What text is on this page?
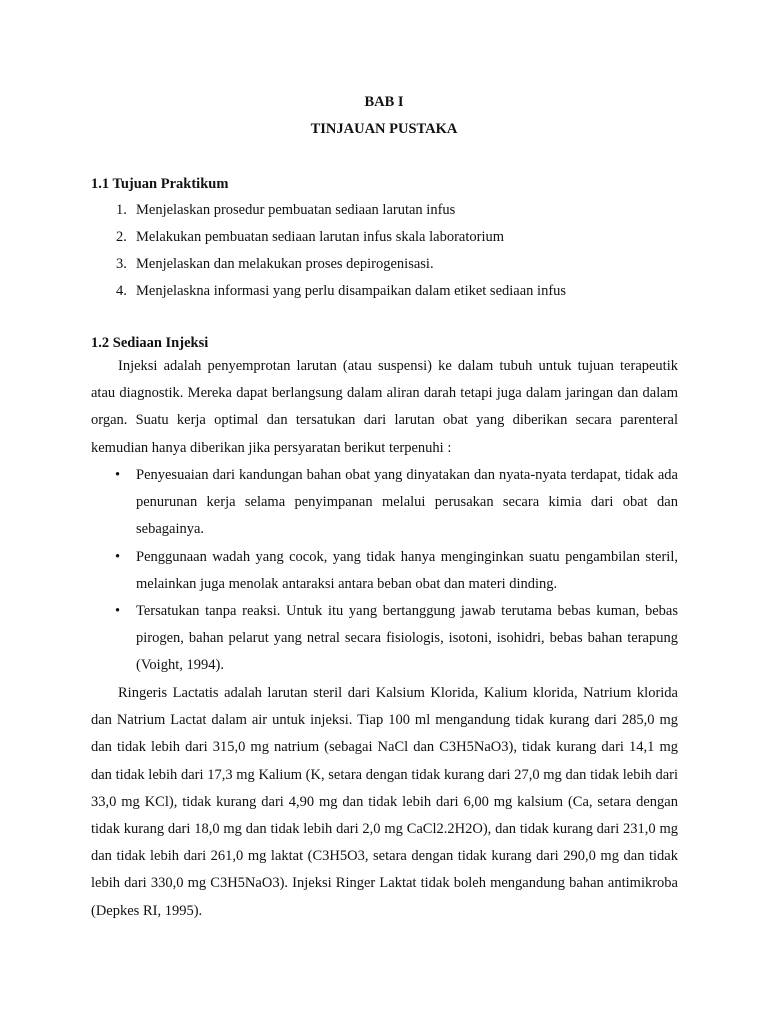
BAB I
TINJAUAN PUSTAKA
1.1 Tujuan Praktikum
1. Menjelaskan prosedur pembuatan sediaan larutan infus
2. Melakukan pembuatan sediaan larutan infus skala laboratorium
3. Menjelaskan dan melakukan proses depirogenisasi.
4. Menjelaskna informasi yang perlu disampaikan dalam etiket sediaan infus
1.2 Sediaan Injeksi

Injeksi adalah penyemprotan larutan (atau suspensi) ke dalam tubuh untuk tujuan terapeutik atau diagnostik. Mereka dapat berlangsung dalam aliran darah tetapi juga dalam jaringan dan dalam organ. Suatu kerja optimal dan tersatukan dari larutan obat yang diberikan secara parenteral kemudian hanya diberikan jika persyaratan berikut terpenuhi :

• Penyesuaian dari kandungan bahan obat yang dinyatakan dan nyata-nyata terdapat, tidak ada penurunan kerja selama penyimpanan melalui perusakan secara kimia dari obat dan sebagainya.

• Penggunaan wadah yang cocok, yang tidak hanya menginginkan suatu pengambilan steril, melainkan juga menolak antaraksi antara beban obat dan materi dinding.

• Tersatukan tanpa reaksi. Untuk itu yang bertanggung jawab terutama bebas kuman, bebas pirogen, bahan pelarut yang netral secara fisiologis, isotoni, isohidri, bebas bahan terapung (Voight, 1994).

Ringeris Lactatis adalah larutan steril dari Kalsium Klorida, Kalium klorida, Natrium klorida dan Natrium Lactat dalam air untuk injeksi. Tiap 100 ml mengandung tidak kurang dari 285,0 mg dan tidak lebih dari 315,0 mg natrium (sebagai NaCl dan C3H5NaO3), tidak kurang dari 14,1 mg dan tidak lebih dari 17,3 mg Kalium (K, setara dengan tidak kurang dari 27,0 mg dan tidak lebih dari 33,0 mg KCl), tidak kurang dari 4,90 mg dan tidak lebih dari 6,00 mg kalsium (Ca, setara dengan tidak kurang dari 18,0 mg dan tidak lebih dari 2,0 mg CaCl2.2H2O), dan tidak kurang dari 231,0 mg dan tidak lebih dari 261,0 mg laktat (C3H5O3, setara dengan tidak kurang dari 290,0 mg dan tidak lebih dari 330,0 mg C3H5NaO3). Injeksi Ringer Laktat tidak boleh mengandung bahan antimikroba (Depkes RI, 1995).
